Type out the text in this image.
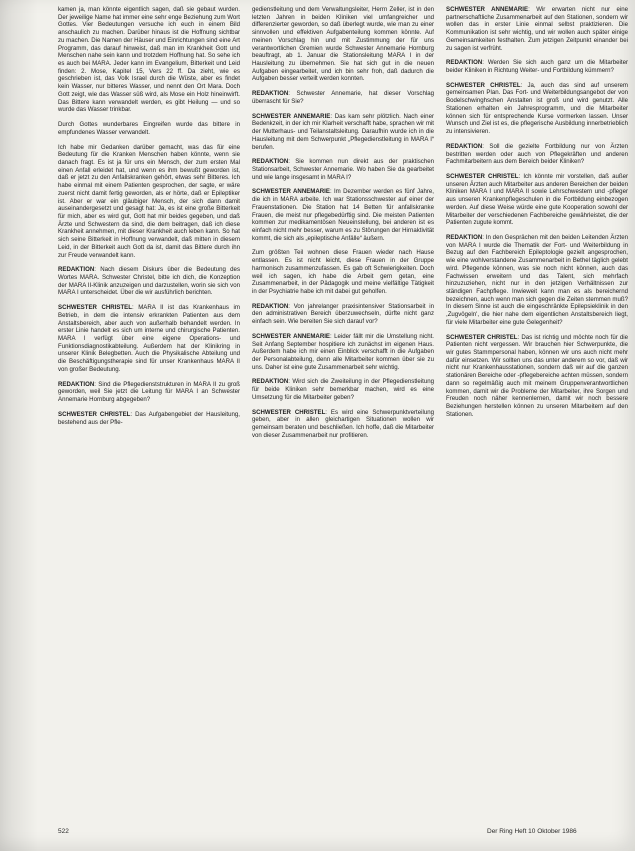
kamen ja, man könnte eigentlich sagen, daß sie gebaut wurden. Der jeweilige Name hat immer eine sehr enge Beziehung zum Wort Gottes. Vier Bedeutungen versuche ich euch in einem Bild anschaulich zu machen. Darüber hinaus ist die Hoffnung sichtbar zu machen. Die Namen der Häuser und Einrichtungen sind eine Art Programm, das darauf hinweist, daß man im Krankheit Gott und Menschen nahe sein kann und trotzdem Hoffnung hat. So sehe ich es auch bei MARA. Jeder kann im Evangelium, Bitterkeit und Leid finden: 2. Mose, Kapitel 15, Vers 22 ff. Da zieht, wie es geschrieben ist, das Volk Israel durch die Wüste, aber es findet kein Wasser, nur bitteres Wasser, und nennt den Ort Mara. Doch Gott zeigt, wie das Wasser süß wird, als Mose ein Holz hineinwirft. Das Bittere kann verwandelt werden, es gibt Heilung — und so wurde das Wasser trinkbar.

Durch Gottes wunderbares Eingreifen wurde das bittere in empfundenes Wasser verwandelt.

Ich habe mir Gedanken darüber gemacht, was das für eine Bedeutung für die Kranken Menschen haben könnte, wenn sie danach fragt. Es ist ja für uns ein Mensch, der zum ersten Mal einen Anfall erleidet hat, und wenn es ihm bewußt geworden ist, daß er jetzt zu den Anfallskranken gehört, etwas sehr Bitteres. Ich habe einmal mit einem Patienten gesprochen, der sagte, er wäre zuerst nicht damit fertig geworden, als er hörte, daß er Epileptiker ist. Aber er war ein gläubiger Mensch, der sich dann damit auseinandergesetzt und gesagt hat: Ja, es ist eine große Bitterkeit für mich, aber es wird gut, Gott hat mir beides gegeben, und daß Ärzte und Schwestern da sind, die dem beitragen, daß ich diese Krankheit annehmen, mit dieser Krankheit auch leben kann. So hat sich seine Bitterkeit in Hoffnung verwandelt, daß mitten in diesem Leid, in der Bitterkeit auch Gott da ist, damit das Bittere durch ihn zur Freude verwandelt kann.

REDAKTION: Nach diesem Diskurs über die Bedeutung des Wortes MARA. Schwester Christel, bitte ich dich, die Konzeption der MARA II-Klinik anzuzeigen und darzustellen, worin sie sich von MARA I unterscheidet. Über die wir ausführlich berichten.

SCHWESTER CHRISTEL: MARA II ist das Krankenhaus im Betrieb, in dem die intensiv erkrankten Patienten aus dem Anstaltsbereich, aber auch von außerhalb behandelt werden. In erster Linie handelt es sich um interne und chirurgische Patienten. MARA I verfügt über eine eigene Operations- und Funktionsdiagnostikabteilung. Außerdem hat der Klinikring in unserer Klinik Belegbetten. Auch die Physikalische Abteilung und die Beschäftigungstherapie sind für unser Krankenhaus MARA II von großer Bedeutung.

REDAKTION: Sind die Pflegedienststrukturen in MARA II zu groß geworden, weil Sie jetzt die Leitung für MARA I an Schwester Annemarie Hornburg abgegeben?

SCHWESTER CHRISTEL: Das Aufgabengebiet der Hausleitung, bestehend aus der Pfle-

gedienstleitung und dem Verwaltungsleiter, Herrn Zeller, ist in den letzten Jahren in beiden Kliniken viel umfangreicher und differenzierter geworden, so daß überlegt wurde, wie man zu einer sinnvollen und effektiven Aufgabenteilung kommen könnte. Auf meinen Vorschlag hin und mit Zustimmung der für uns verantwortlichen Gremien wurde Schwester Annemarie Hornburg beauftragt, ab 1. Januar die Stationsleitung MARA I in der Hausleitung zu übernehmen. Sie hat sich gut in die neuen Aufgaben eingearbeitet, und ich bin sehr froh, daß dadurch die Aufgaben besser verteilt werden konnten.

REDAKTION: Schwester Annemarie, hat dieser Vorschlag überrascht für Sie?

SCHWESTER ANNEMARIE: Das kam sehr plötzlich. Nach einer Bedenkzeit, in der ich mir Klarheit verschafft habe, sprachen wir mit der Mutterhaus- und Teilanstaltsleitung. Daraufhin wurde ich in die Hausleitung mit dem Schwerpunkt „Pflegedienstleitung in MARA I“ berufen.

REDAKTION: Sie kommen nun direkt aus der praktischen Stationsarbeit, Schwester Annemarie. Wo haben Sie da gearbeitet und wie lange insgesamt in MARA I?

SCHWESTER ANNEMARIE: Im Dezember werden es fünf Jahre, die ich in MARA arbeite. Ich war Stationsschwester auf einer der Frauenstationen. Die Station hat 14 Betten für anfallskranke Frauen, die meist nur pflegebedürftig sind. Die meisten Patienten kommen zur medikamentösen Neueinstellung, bei anderen ist es einfach nicht mehr besser, warum es zu Störungen der Hirnaktivität kommt, die sich als „epileptische Anfälle“ äußern.

Zum größten Teil wohnen diese Frauen wieder nach Hause entlassen. Es ist nicht leicht, diese Frauen in der Gruppe harmonisch zusammenzufassen. Es gab oft Schwierigkeiten. Doch weil ich sagen, ich habe die Arbeit gern getan, eine Zusammenarbeit, in der Pädagogik und meine vielfältige Tätigkeit in der Psychiatrie habe ich mit dabei gut geholfen.

REDAKTION: Von jahrelanger praxisintensiver Stationsarbeit in den administrativen Bereich überzuwechseln, dürfte nicht ganz einfach sein. Wie bereiten Sie sich darauf vor?

SCHWESTER ANNEMARIE: Leider fällt mir die Umstellung nicht. Seit Anfang September hospitiere ich zunächst im eigenen Haus. Außerdem habe ich mir einen Einblick verschafft in die Aufgaben der Personalabteilung, denn alle Mitarbeiter kommen über sie zu uns. Daher ist eine gute Zusammenarbeit sehr wichtig.

REDAKTION: Wird sich die Zweiteilung in der Pflegedienstleitung für beide Kliniken sehr bemerkbar machen, wird es eine Umsetzung für die Mitarbeiter geben?

SCHWESTER CHRISTEL: Es wird eine Schwerpunktverteilung geben, aber in allen gleichartigen Situationen wollen wir gemeinsam beraten und beschließen. Ich hoffe, daß die Mitarbeiter von dieser Zusammenarbeit nur profitieren.

SCHWESTER ANNEMARIE: Wir erwarten nicht nur eine partnerschaftliche Zusammenarbeit auf den Stationen, sondern wir wollen das in erster Linie einmal selbst praktizieren. Die Kommunikation ist sehr wichtig, und wir wollen auch später einige Gemeinsamkeiten festhalten. Zum jetzigen Zeitpunkt einander bei zu sagen ist verfrüht.

REDAKTION: Werden Sie sich auch ganz um die Mitarbeiter beider Kliniken in Richtung Weiter- und Fortbildung kümmern?

SCHWESTER CHRISTEL: Ja, auch das sind auf unserem gemeinsamen Plan. Das Fort- und Weiterbildungsangebot der von Bodelschwinghschen Anstalten ist groß und wird genutzt. Alle Stationen erhalten ein Jahresprogramm, und die Mitarbeiter können sich für entsprechende Kurse vormerken lassen. Unser Wunsch und Ziel ist es, die pflegerische Ausbildung innerbetrieblich zu intensivieren.

REDAKTION: Soll die gezielte Fortbildung nur von Ärzten bestritten werden oder auch von Pflegekräften und anderen Fachmitarbeitern aus dem Bereich beider Kliniken?

SCHWESTER CHRISTEL: Ich könnte mir vorstellen, daß außer unseren Ärzten auch Mitarbeiter aus anderen Bereichen der beiden Kliniken MARA I und MARA II sowie Lehrschwestern und -pfleger aus unseren Krankenpflegeschulen in die Fortbildung einbezogen werden. Auf diese Weise würde eine gute Kooperation sowohl der Mitarbeiter der verschiedenen Fachbereiche gewährleistet, die der Patienten zugute kommt.

REDAKTION: In den Gesprächen mit den beiden Leitenden Ärzten von MARA I wurde die Thematik der Fort- und Weiterbildung in Bezug auf den Fachbereich Epileptologie gezielt angesprochen, wie eine wohlverstandene Zusammenarbeit in Bethel täglich gelebt wird. Pflegende können, was sie noch nicht können, auch das Fachwissen erweitern und das Talent, sich mehrfach hinzuzuziehen, nicht nur in den jetzigen Verhältnissen zur ständigen Fachpflege. Inwieweit kann man es als bereichernd bezeichnen, auch wenn man sich gegen die Zeiten stemmen muß? In diesem Sinne ist auch die eingeschränkte Epilepsieklinik in den ,Zugvögeln', die hier nahe dem eigentlichen Anstaltsbereich liegt, für viele Mitarbeiter eine gute Gelegenheit?

SCHWESTER CHRISTEL: Das ist richtig und möchte noch für die Patienten nicht vergessen. Wir brauchen hier Schwerpunkte, die wir gutes Stammpersonal haben, können wir uns auch nicht mehr dafür einsetzen. Wir sollten uns das unter anderem so vor, daß wir nicht nur Krankenhausstationen, sondern daß wir auf die ganzen stationären Bereiche oder -pflegebereiche achten müssen, sondern dann so regelmäßig auch mit meinem Gruppenverantwortlichen kommen, damit wir die Probleme der Mitarbeiter, ihre Sorgen und Freuden noch näher kennenlernen, damit wir noch bessere Beziehungen herstellen können zu unseren Mitarbeitern auf den Stationen.

522	Der Ring Heft 10 Oktober 1986
